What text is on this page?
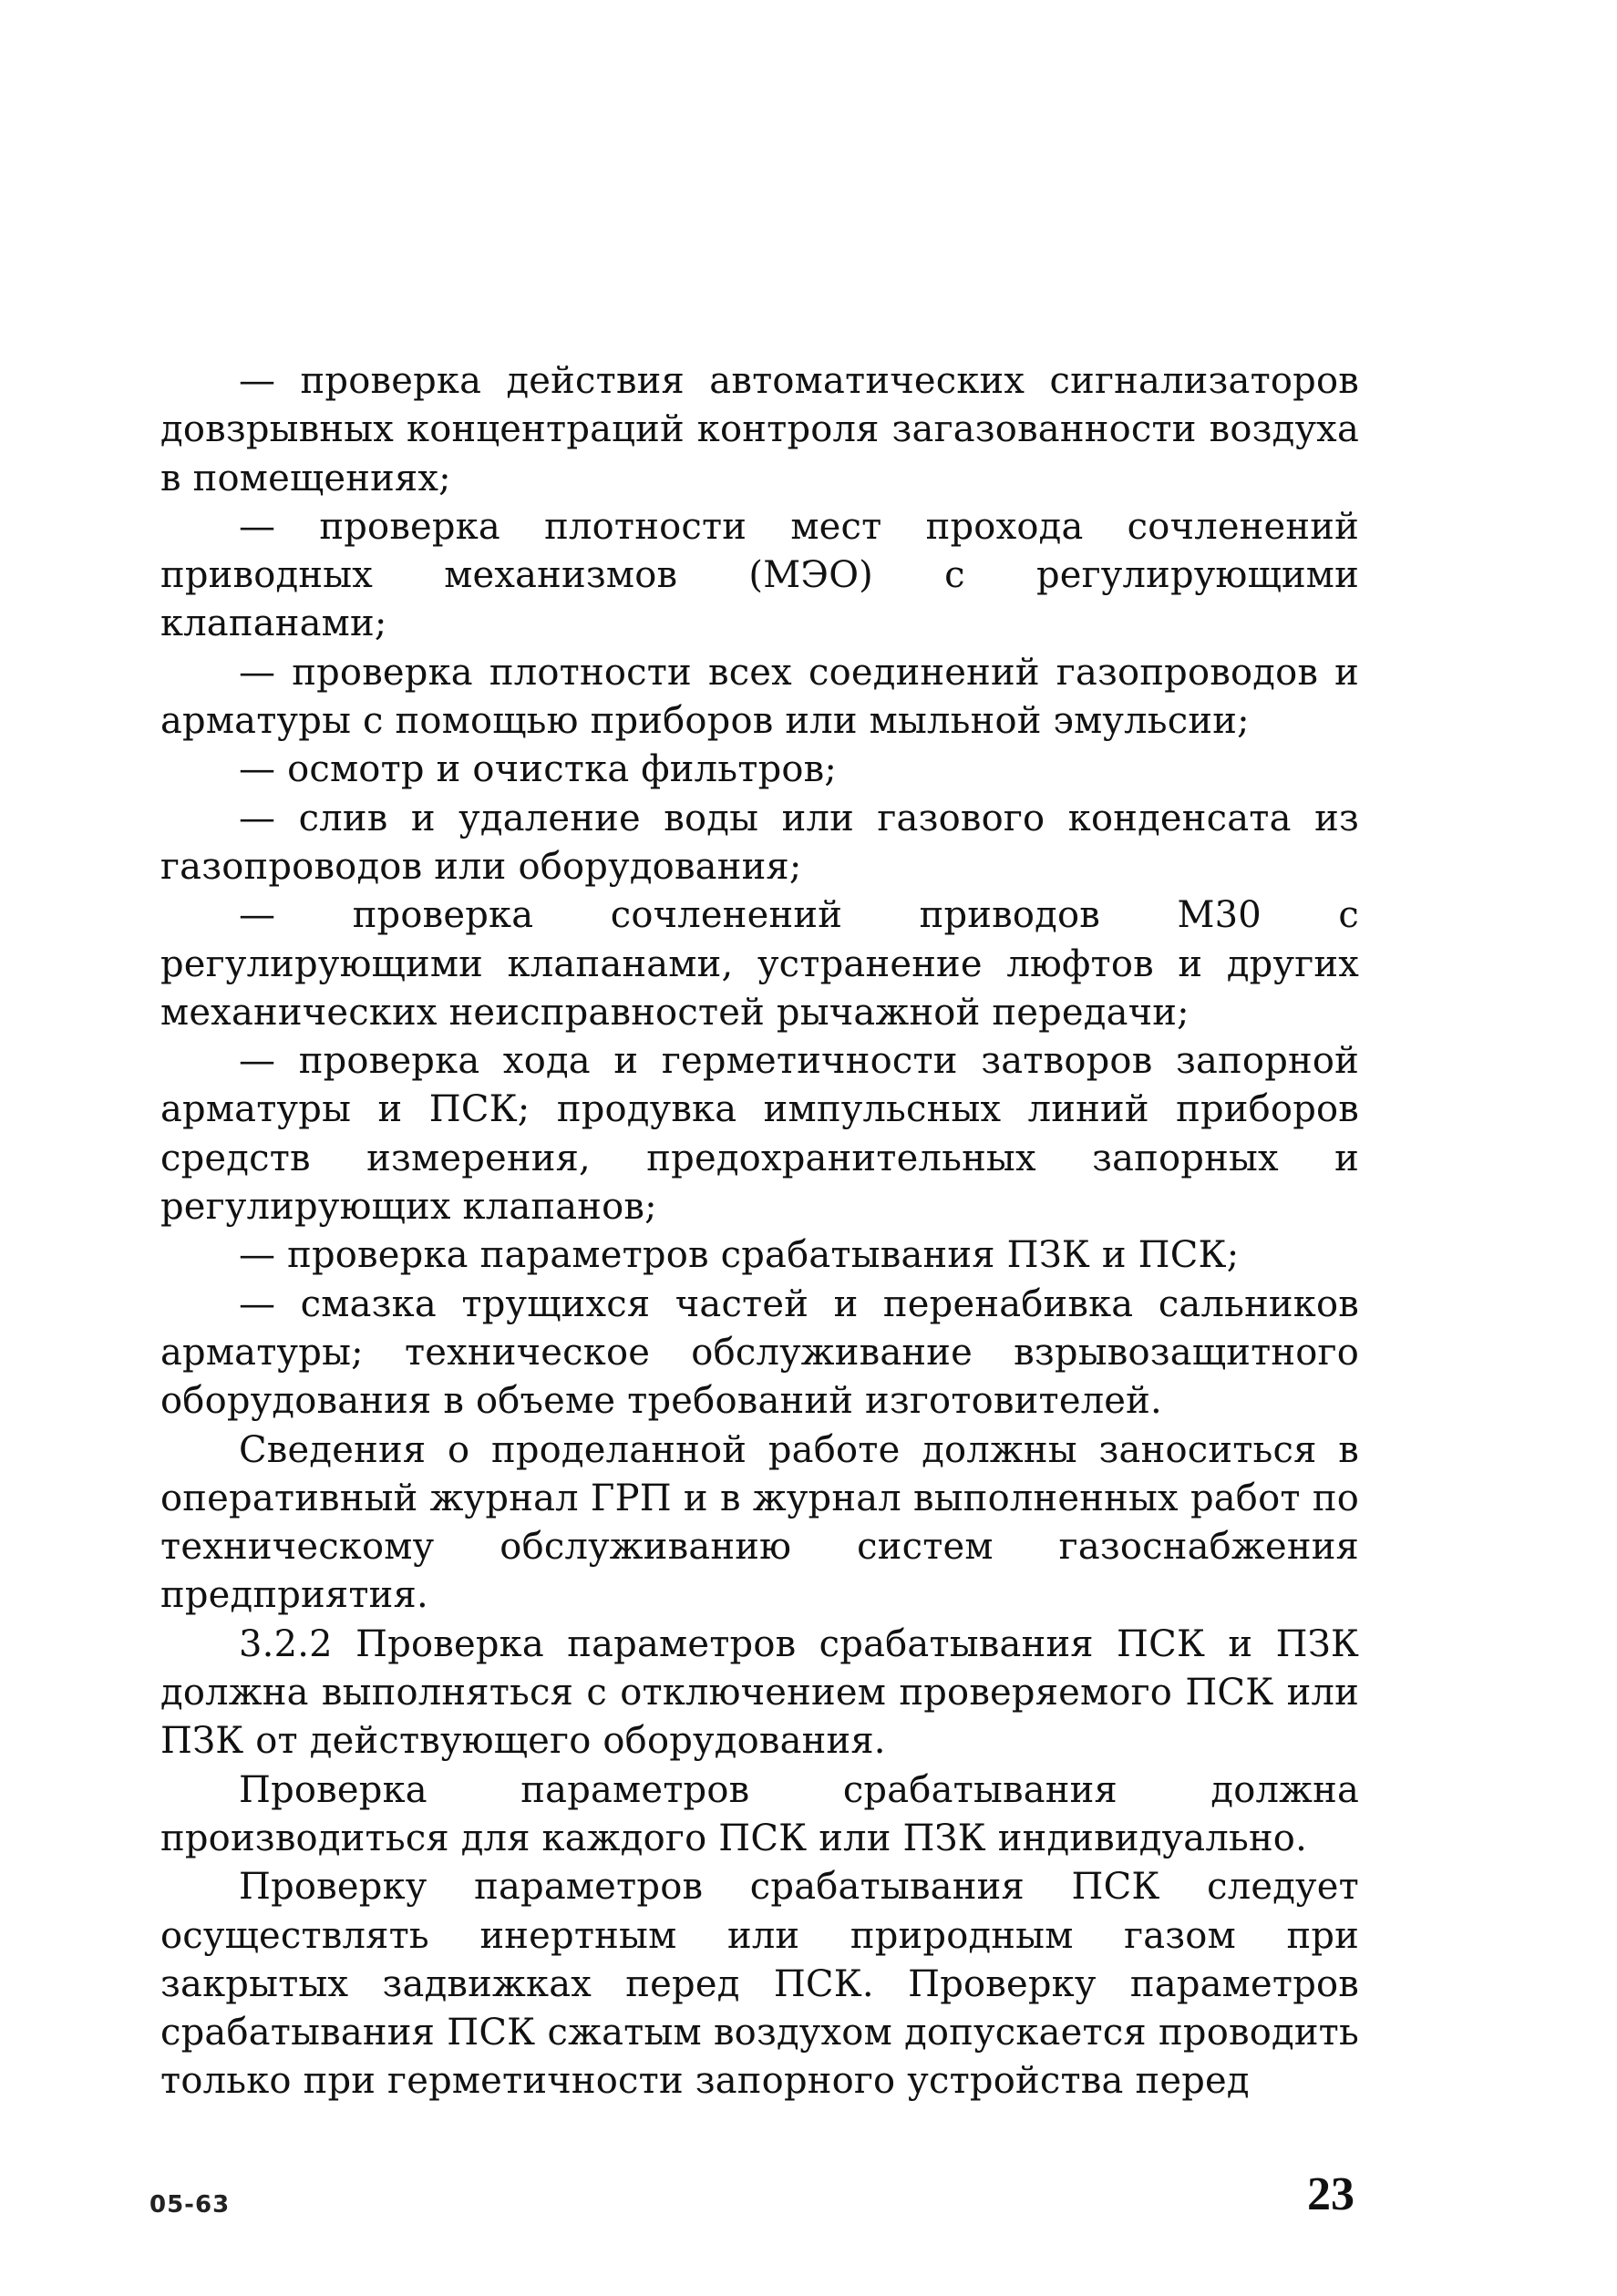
— проверка действия автоматических сигнализаторов довзрывных концентраций контроля загазованности воздуха в помещениях;

— проверка плотности мест прохода сочленений приводных механизмов (МЭО) с регулирующими клапанами;

— проверка плотности всех соединений газопроводов и арматуры с помощью приборов или мыльной эмульсии;

— осмотр и очистка фильтров;

— слив и удаление воды или газового конденсата из газопроводов или оборудования;

— проверка сочленений приводов М30 с регулирующими клапанами, устранение люфтов и других механических неисправностей рычажной передачи;

— проверка хода и герметичности затворов запорной арматуры и ПСК; продувка импульсных линий приборов средств измерения, предохранительных запорных и регулирующих клапанов;

— проверка параметров срабатывания ПЗК и ПСК;

— смазка трущихся частей и перенабивка сальников арматуры; техническое обслуживание взрывозащитного оборудования в объеме требований изготовителей.

Сведения о проделанной работе должны заноситься в оперативный журнал ГРП и в журнал выполненных работ по техническому обслуживанию систем газоснабжения предприятия.

3.2.2 Проверка параметров срабатывания ПСК и ПЗК должна выполняться с отключением проверяемого ПСК или ПЗК от действующего оборудования.

Проверка параметров срабатывания должна производиться для каждого ПСК или ПЗК индивидуально.

Проверку параметров срабатывания ПСК следует осуществлять инертным или природным газом при закрытых задвижках перед ПСК. Проверку параметров срабатывания ПСК сжатым воздухом допускается проводить только при герметичности запорного устройства перед

05-63	23
